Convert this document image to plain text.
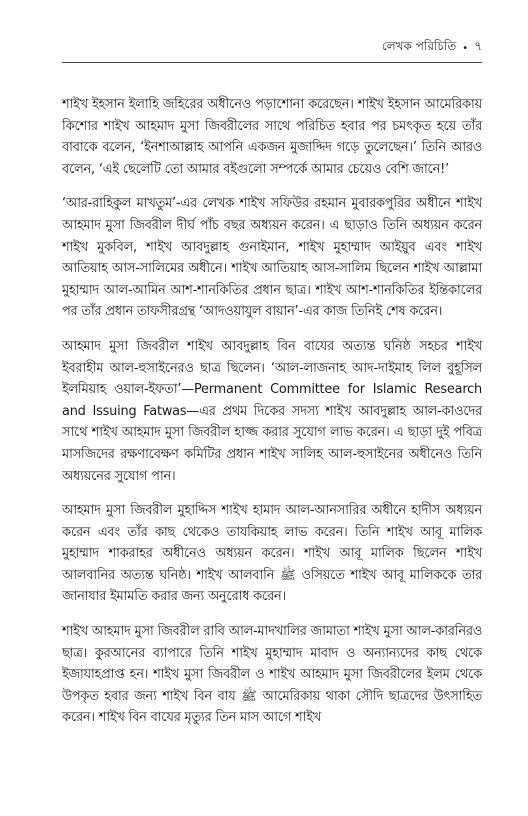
লেখক পরিচিতি • ৭

শাইখ ইহসান ইলাহি জহিরের অধীনেও পড়াশোনা করেছেন। শাইখ ইহসান আমেরিকায় কিশোর শাইখ আহমাদ মুসা জিবরীলের সাথে পরিচিত হবার পর চমৎকৃত হয়ে তাঁর বাবাকে বলেন, ‘ইনশাআল্লাহ আপনি একজন মুজাদ্দিদ গড়ে তুলেছেন।’ তিনি আরও বলেন, ‘এই ছেলেটি তো আমার বইগুলো সম্পর্কে আমার চেয়েও বেশি জানে!’

‘আর-রাহিকুল মাখতুম’-এর লেখক শাইখ সফিউর রহমান মুবারকপুরির অধীনে শাইখ আহমাদ মুসা জিবরীল দীর্ঘ পাঁচ বছর অধ্যয়ন করেন। এ ছাড়াও তিনি অধ্যয়ন করেন শাইখ মুকবিল, শাইখ আবদুল্লাহ গুনাইমান, শাইখ মুহাম্মাদ আইয়ুব এবং শাইখ আতিয়াহ আস-সালিমের অধীনে। শাইখ আতিয়াহ আস-সালিম ছিলেন শাইখ আল্লামা মুহাম্মাদ আল-আমিন আশ-শানকিতির প্রধান ছাত্র। শাইখ আশ-শানকিতির ইন্তিকালের পর তাঁর প্রধান তাফসীরগ্রন্থ ‘আদওয়াযুল বায়ান’-এর কাজ তিনিই শেষ করেন।

আহমাদ মুসা জিবরীল শাইখ আবদুল্লাহ বিন বাযের অত্যন্ত ঘনিষ্ঠ সহচর শাইখ ইবরাহীম আল-হুসাইনেরও ছাত্র ছিলেন। ‘আল-লাজনাহ আদ-দাইমাহ লিল বুহূসিল ইলমিয়াহ ওয়াল-ইফতা’—Permanent Committee for Islamic Research and Issuing Fatwas—এর প্রথম দিকের সদস্য শাইখ আবদুল্লাহ আল-কাওদের সাথে শাইখ আহমাদ মুসা জিবরীল হাজ্জ করার সুযোগ লাভ করেন। এ ছাড়া দুই পবিত্র মাসজিদের রক্ষণাবেক্ষণ কমিটির প্রধান শাইখ সালিহ আল-হুসাইনের অধীনেও তিনি অধ্যয়নের সুযোগ পান।

আহমাদ মুসা জিবরীল মুহাদ্দিস শাইখ হামাদ আল-আনসারির অধীনে হাদীস অধ্যয়ন করেন এবং তাঁর কাছ থেকেও তাযকিয়াহ লাভ করেন। তিনি শাইখ আবূ মালিক মুহাম্মাদ শাকরাহর অধীনেও অধ্যয়ন করেন। শাইখ আবূ মালিক ছিলেন শাইখ আলবানির অত্যন্ত ঘনিষ্ঠ। শাইখ আলবানি ﷺ ওসিয়তে শাইখ আবূ মালিককে তার জানাযার ইমামতি করার জন্য অনুরোধ করেন।

শাইখ আহমাদ মুসা জিবরীল রাবি আল-মাদখালির জামাতা শাইখ মুসা আল-কারনিরও ছাত্র। কুরআনের ব্যাপারে তিনি শাইখ মুহাম্মাদ মাবাদ ও অন্যান্যদের কাছ থেকে ইজাযাহপ্রাপ্ত হন। শাইখ মুসা জিবরীল ও শাইখ আহমাদ মুসা জিবরীলের ইলম থেকে উপকৃত হবার জন্য শাইখ বিন বায ﷺ আমেরিকায় থাকা সৌদি ছাত্রদের উৎসাহিত করেন। শাইখ বিন বাযের মৃত্যুর তিন মাস আগে শাইখ
